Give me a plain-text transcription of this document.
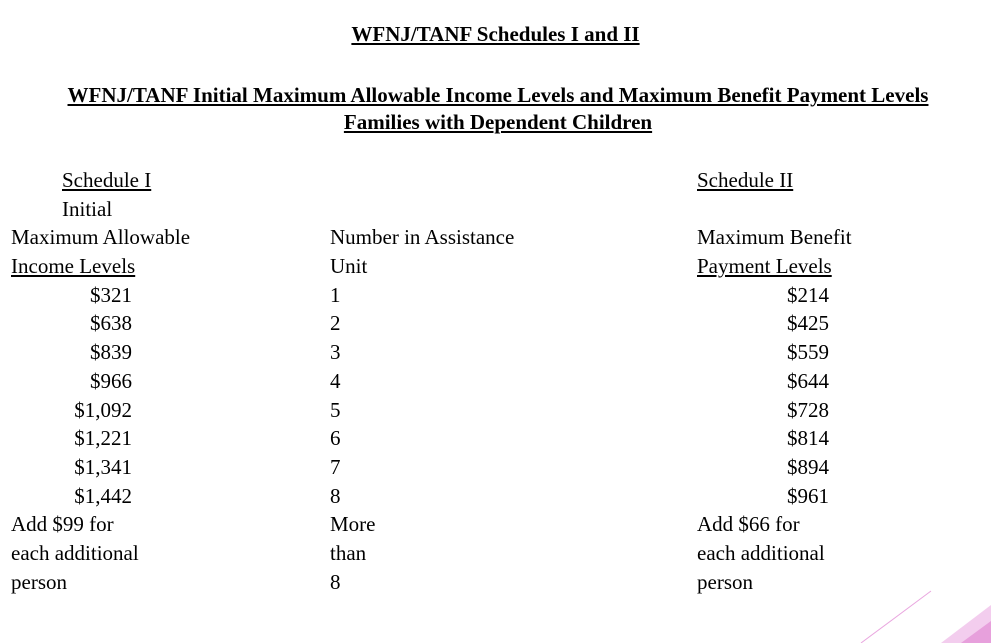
WFNJ/TANF Schedules I and II
WFNJ/TANF Initial Maximum Allowable Income Levels and Maximum Benefit Payment Levels
Families with Dependent Children
Schedule I
Initial
Maximum Allowable
Income Levels
$321
$638
$839
$966
$1,092
$1,221
$1,341
$1,442
Add $99 for
each additional
person
Number in Assistance
Unit
1
2
3
4
5
6
7
8
More
than
8
Schedule II
Maximum Benefit
Payment Levels
$214
$425
$559
$644
$728
$814
$894
$961
Add $66 for
each additional
person
